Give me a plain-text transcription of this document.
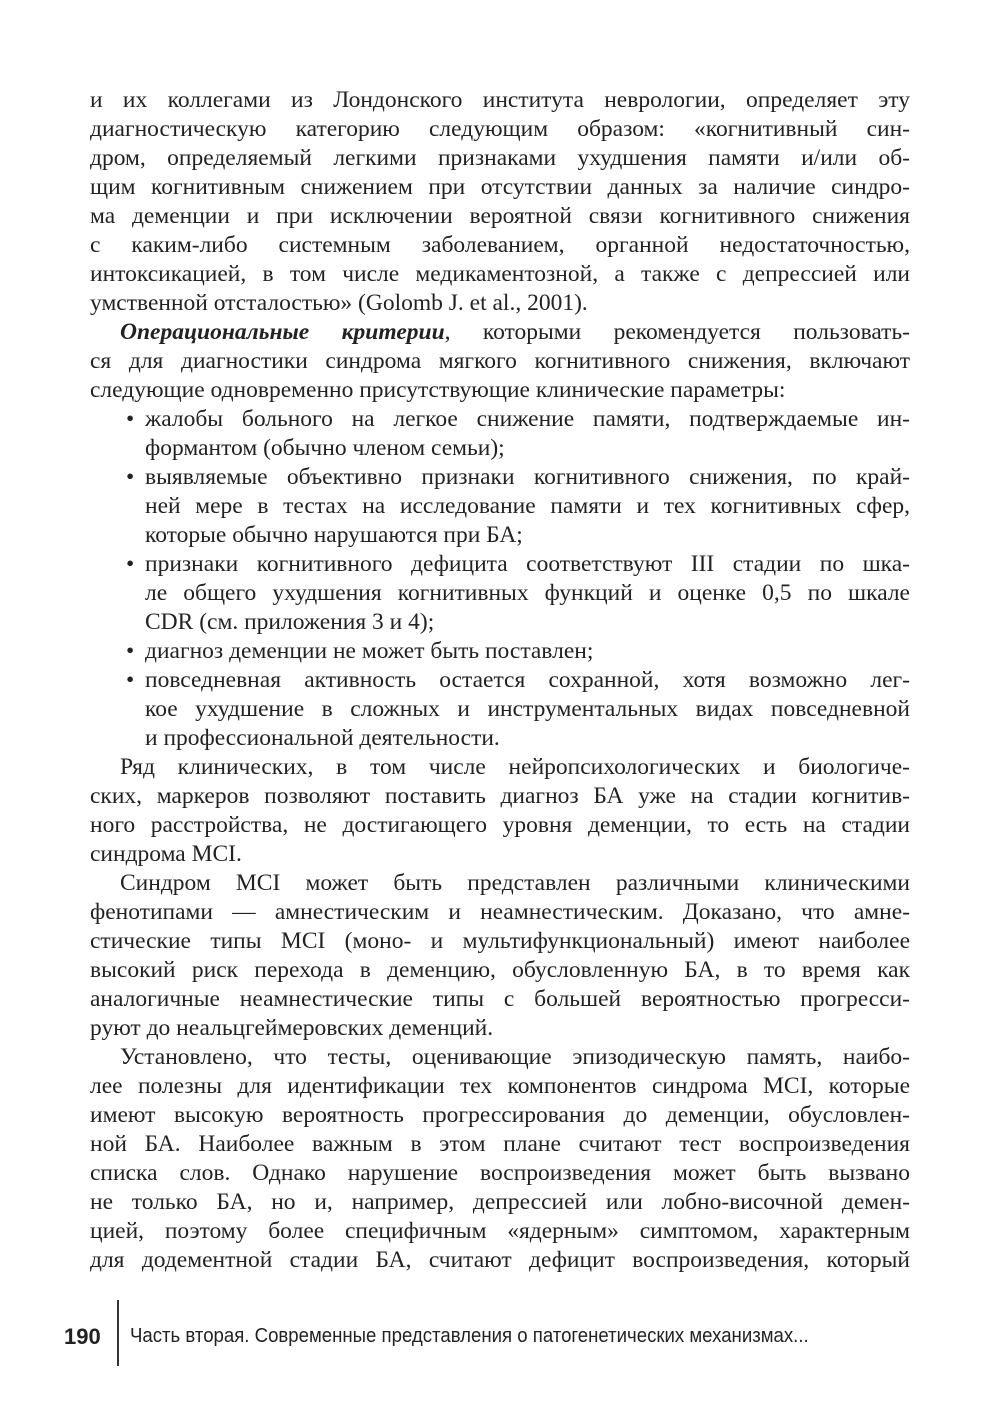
и их коллегами из Лондонского института неврологии, определяет эту
диагностическую категорию следующим образом: «когнитивный син-
дром, определяемый легкими признаками ухудшения памяти и/или об-
щим когнитивным снижением при отсутствии данных за наличие синдро-
ма деменции и при исключении вероятной связи когнитивного снижения
с каким-либо системным заболеванием, органной недостаточностью,
интоксикацией, в том числе медикаментозной, а также с депрессией или
умственной отсталостью» (Golomb J. et al., 2001).
Операциональные критерии, которыми рекомендуется пользовать-
ся для диагностики синдрома мягкого когнитивного снижения, включают
следующие одновременно присутствующие клинические параметры:
• жалобы больного на легкое снижение памяти, подтверждаемые ин-
формантом (обычно членом семьи);
• выявляемые объективно признаки когнитивного снижения, по край-
ней мере в тестах на исследование памяти и тех когнитивных сфер,
которые обычно нарушаются при БА;
• признаки когнитивного дефицита соответствуют III стадии по шка-
ле общего ухудшения когнитивных функций и оценке 0,5 по шкале
CDR (см. приложения 3 и 4);
• диагноз деменции не может быть поставлен;
• повседневная активность остается сохранной, хотя возможно лег-
кое ухудшение в сложных и инструментальных видах повседневной
и профессиональной деятельности.
Ряд клинических, в том числе нейропсихологических и биологиче-
ских, маркеров позволяют поставить диагноз БА уже на стадии когнитив-
ного расстройства, не достигающего уровня деменции, то есть на стадии
синдрома MCI.
Синдром MCI может быть представлен различными клиническими
фенотипами — амнестическим и неамнестическим. Доказано, что амне-
стические типы MCI (моно- и мультифункциональный) имеют наиболее
высокий риск перехода в деменцию, обусловленную БА, в то время как
аналогичные неамнестические типы с большей вероятностью прогресси-
руют до неальцгеймеровских деменций.
Установлено, что тесты, оценивающие эпизодическую память, наибо-
лее полезны для идентификации тех компонентов синдрома MCI, которые
имеют высокую вероятность прогрессирования до деменции, обусловлен-
ной БА. Наиболее важным в этом плане считают тест воспроизведения
списка слов. Однако нарушение воспроизведения может быть вызвано
не только БА, но и, например, депрессией или лобно-височной демен-
цией, поэтому более специфичным «ядерным» симптомом, характерным
для додементной стадии БА, считают дефицит воспроизведения, который
190 Часть вторая. Современные представления о патогенетических механизмах...
